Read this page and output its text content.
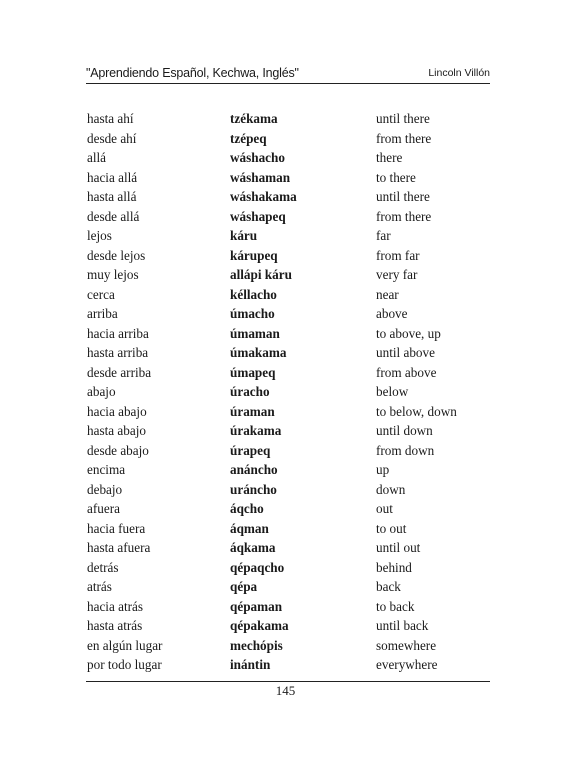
"Aprendiendo Español, Kechwa, Inglés"	Lincoln Villón
hasta ahí	tzékama	until there
desde ahí	tzépeq	from there
allá	wáshacho	there
hacia allá	wáshaman	to there
hasta allá	wáshakama	until there
desde allá	wáshapeq	from there
lejos	káru	far
desde lejos	kárupeq	from far
muy lejos	allápi káru	very far
cerca	kéllacho	near
arriba	úmacho	above
hacia arriba	úmaman	to above, up
hasta arriba	úmakama	until above
desde arriba	úmapeq	from above
abajo	úracho	below
hacia abajo	úraman	to below, down
hasta abajo	úrakama	until down
desde abajo	úrapeq	from down
encima	anáncho	up
debajo	uráncho	down
afuera	áqcho	out
hacia fuera	áqman	to out
hasta afuera	áqkama	until out
detrás	qépaqcho	behind
atrás	qépa	back
hacia atrás	qépaman	to back
hasta atrás	qépakama	until back
en algún lugar	mechópis	somewhere
por todo lugar	inántin	everywhere
145
